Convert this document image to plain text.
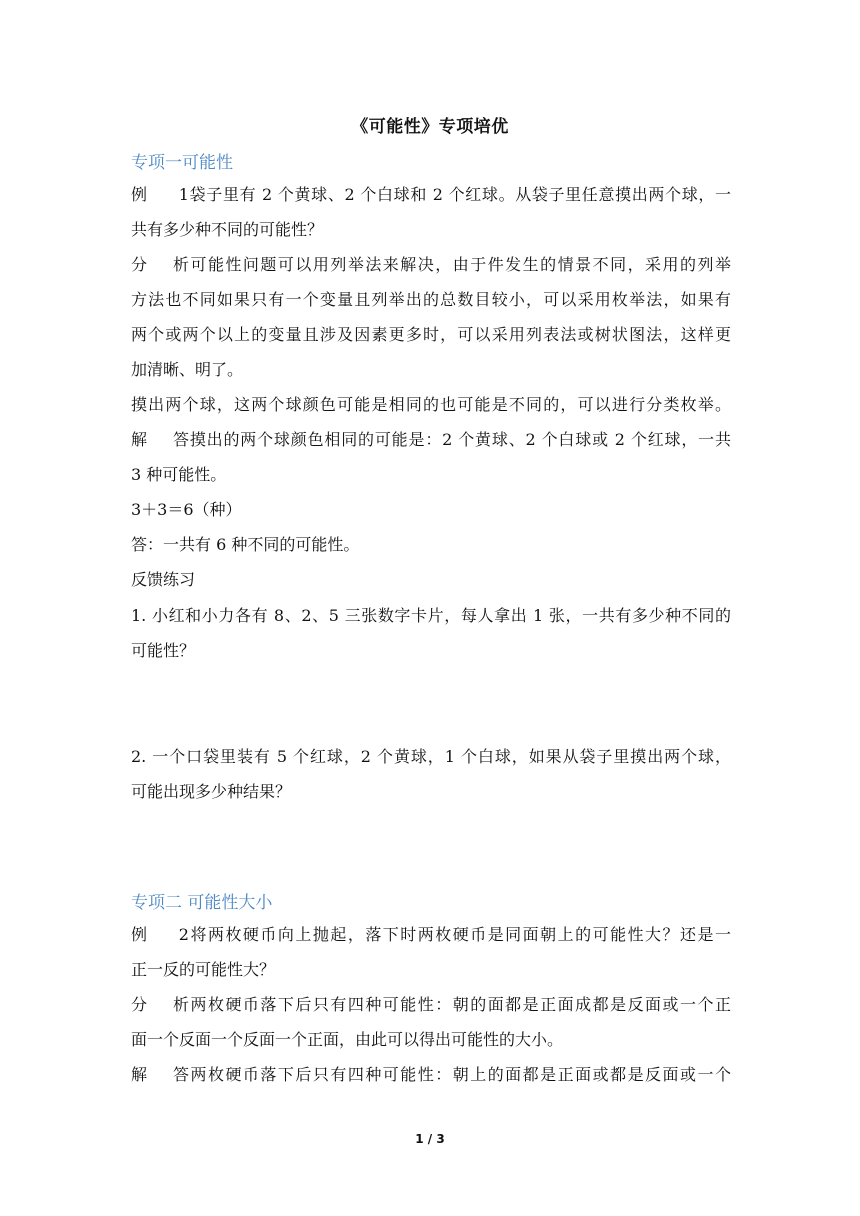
《可能性》专项培优
专项一可能性
例 1袋子里有 2 个黄球、2 个白球和 2 个红球。从袋子里任意摸出两个球，一
共有多少种不同的可能性？
分析可能性问题可以用列举法来解决，由于件发生的情景不同，采用的列举
方法也不同如果只有一个变量且列举出的总数目较小，可以采用枚举法，如果有
两个或两个以上的变量且涉及因素更多时，可以采用列表法或树状图法，这样更
加清晰、明了。
摸出两个球，这两个球颜色可能是相同的也可能是不同的，可以进行分类枚举。
解答摸出的两个球颜色相同的可能是：2 个黄球、2 个白球或 2 个红球，一共
3 种可能性。
3＋3＝6（种）
答：一共有 6 种不同的可能性。
反馈练习
1. 小红和小力各有 8、2、5 三张数字卡片，每人拿出 1 张，一共有多少种不同的
可能性？
2. 一个口袋里装有 5 个红球，2 个黄球，1 个白球，如果从袋子里摸出两个球，
可能出现多少种结果？
专项二 可能性大小
例 2将两枚硬币向上抛起，落下时两枚硬币是同面朝上的可能性大？还是一
正一反的可能性大？
分析两枚硬币落下后只有四种可能性：朝的面都是正面成都是反面或一个正
面一个反面一个反面一个正面，由此可以得出可能性的大小。
解答两枚硬币落下后只有四种可能性：朝上的面都是正面或都是反面或一个
1 / 3
